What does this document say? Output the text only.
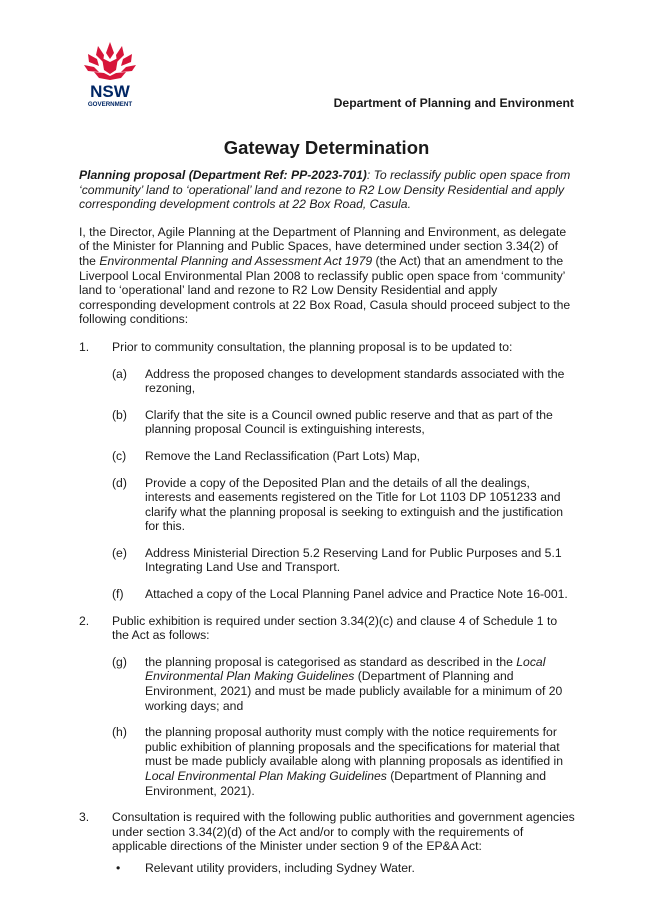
NSW
GOVERNMENT	Department of Planning and Environment
Gateway Determination

Planning proposal (Department Ref: PP-2023-701): To reclassify public open space from ‘community’ land to ‘operational’ land and rezone to R2 Low Density Residential and apply corresponding development controls at 22 Box Road, Casula.

I, the Director, Agile Planning at the Department of Planning and Environment, as delegate of the Minister for Planning and Public Spaces, have determined under section 3.34(2) of the Environmental Planning and Assessment Act 1979 (the Act) that an amendment to the Liverpool Local Environmental Plan 2008 to reclassify public open space from ‘community’ land to ‘operational’ land and rezone to R2 Low Density Residential and apply corresponding development controls at 22 Box Road, Casula should proceed subject to the following conditions:

1. Prior to community consultation, the planning proposal is to be updated to:

(a) Address the proposed changes to development standards associated with the rezoning,

(b) Clarify that the site is a Council owned public reserve and that as part of the planning proposal Council is extinguishing interests,

(c) Remove the Land Reclassification (Part Lots) Map,

(d) Provide a copy of the Deposited Plan and the details of all the dealings, interests and easements registered on the Title for Lot 1103 DP 1051233 and clarify what the planning proposal is seeking to extinguish and the justification for this.

(e) Address Ministerial Direction 5.2 Reserving Land for Public Purposes and 5.1 Integrating Land Use and Transport.

(f) Attached a copy of the Local Planning Panel advice and Practice Note 16-001.

2. Public exhibition is required under section 3.34(2)(c) and clause 4 of Schedule 1 to the Act as follows:

(g) the planning proposal is categorised as standard as described in the Local Environmental Plan Making Guidelines (Department of Planning and Environment, 2021) and must be made publicly available for a minimum of 20 working days; and

(h) the planning proposal authority must comply with the notice requirements for public exhibition of planning proposals and the specifications for material that must be made publicly available along with planning proposals as identified in Local Environmental Plan Making Guidelines (Department of Planning and Environment, 2021).

3. Consultation is required with the following public authorities and government agencies under section 3.34(2)(d) of the Act and/or to comply with the requirements of applicable directions of the Minister under section 9 of the EP&A Act:

• Relevant utility providers, including Sydney Water.
